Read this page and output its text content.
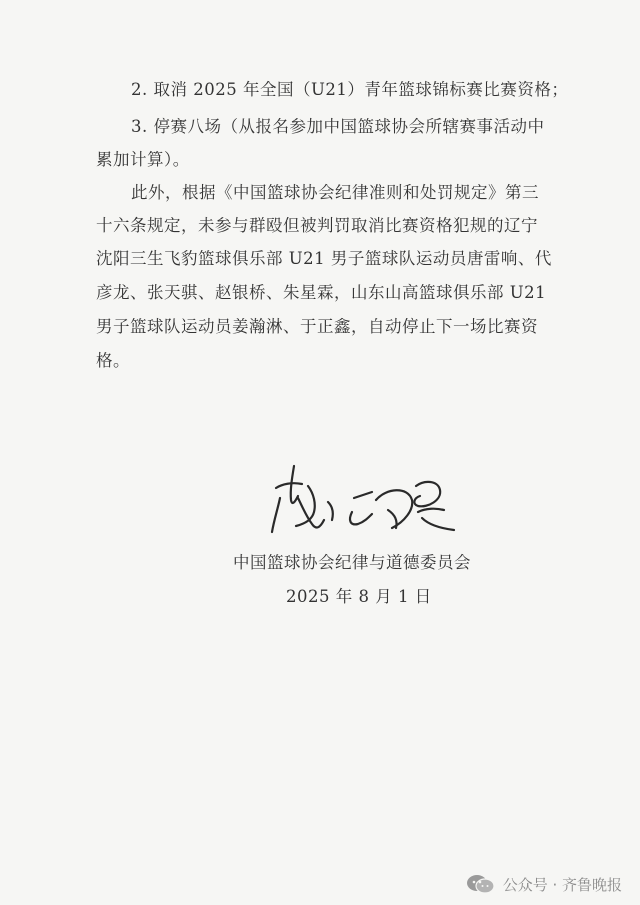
2. 取消 2025 年全国（U21）青年篮球锦标赛比赛资格；
3. 停赛八场（从报名参加中国篮球协会所辖赛事活动中
累加计算）。
此外，根据《中国篮球协会纪律准则和处罚规定》第三
十六条规定，未参与群殴但被判罚取消比赛资格犯规的辽宁
沈阳三生飞豹篮球俱乐部 U21 男子篮球队运动员唐雷响、代
彦龙、张天骐、赵银桥、朱星霖，山东山高篮球俱乐部 U21
男子篮球队运动员姜瀚淋、于正鑫，自动停止下一场比赛资
格。
中国篮球协会纪律与道德委员会
2025 年 8 月 1 日
公众号 · 齐鲁晚报
